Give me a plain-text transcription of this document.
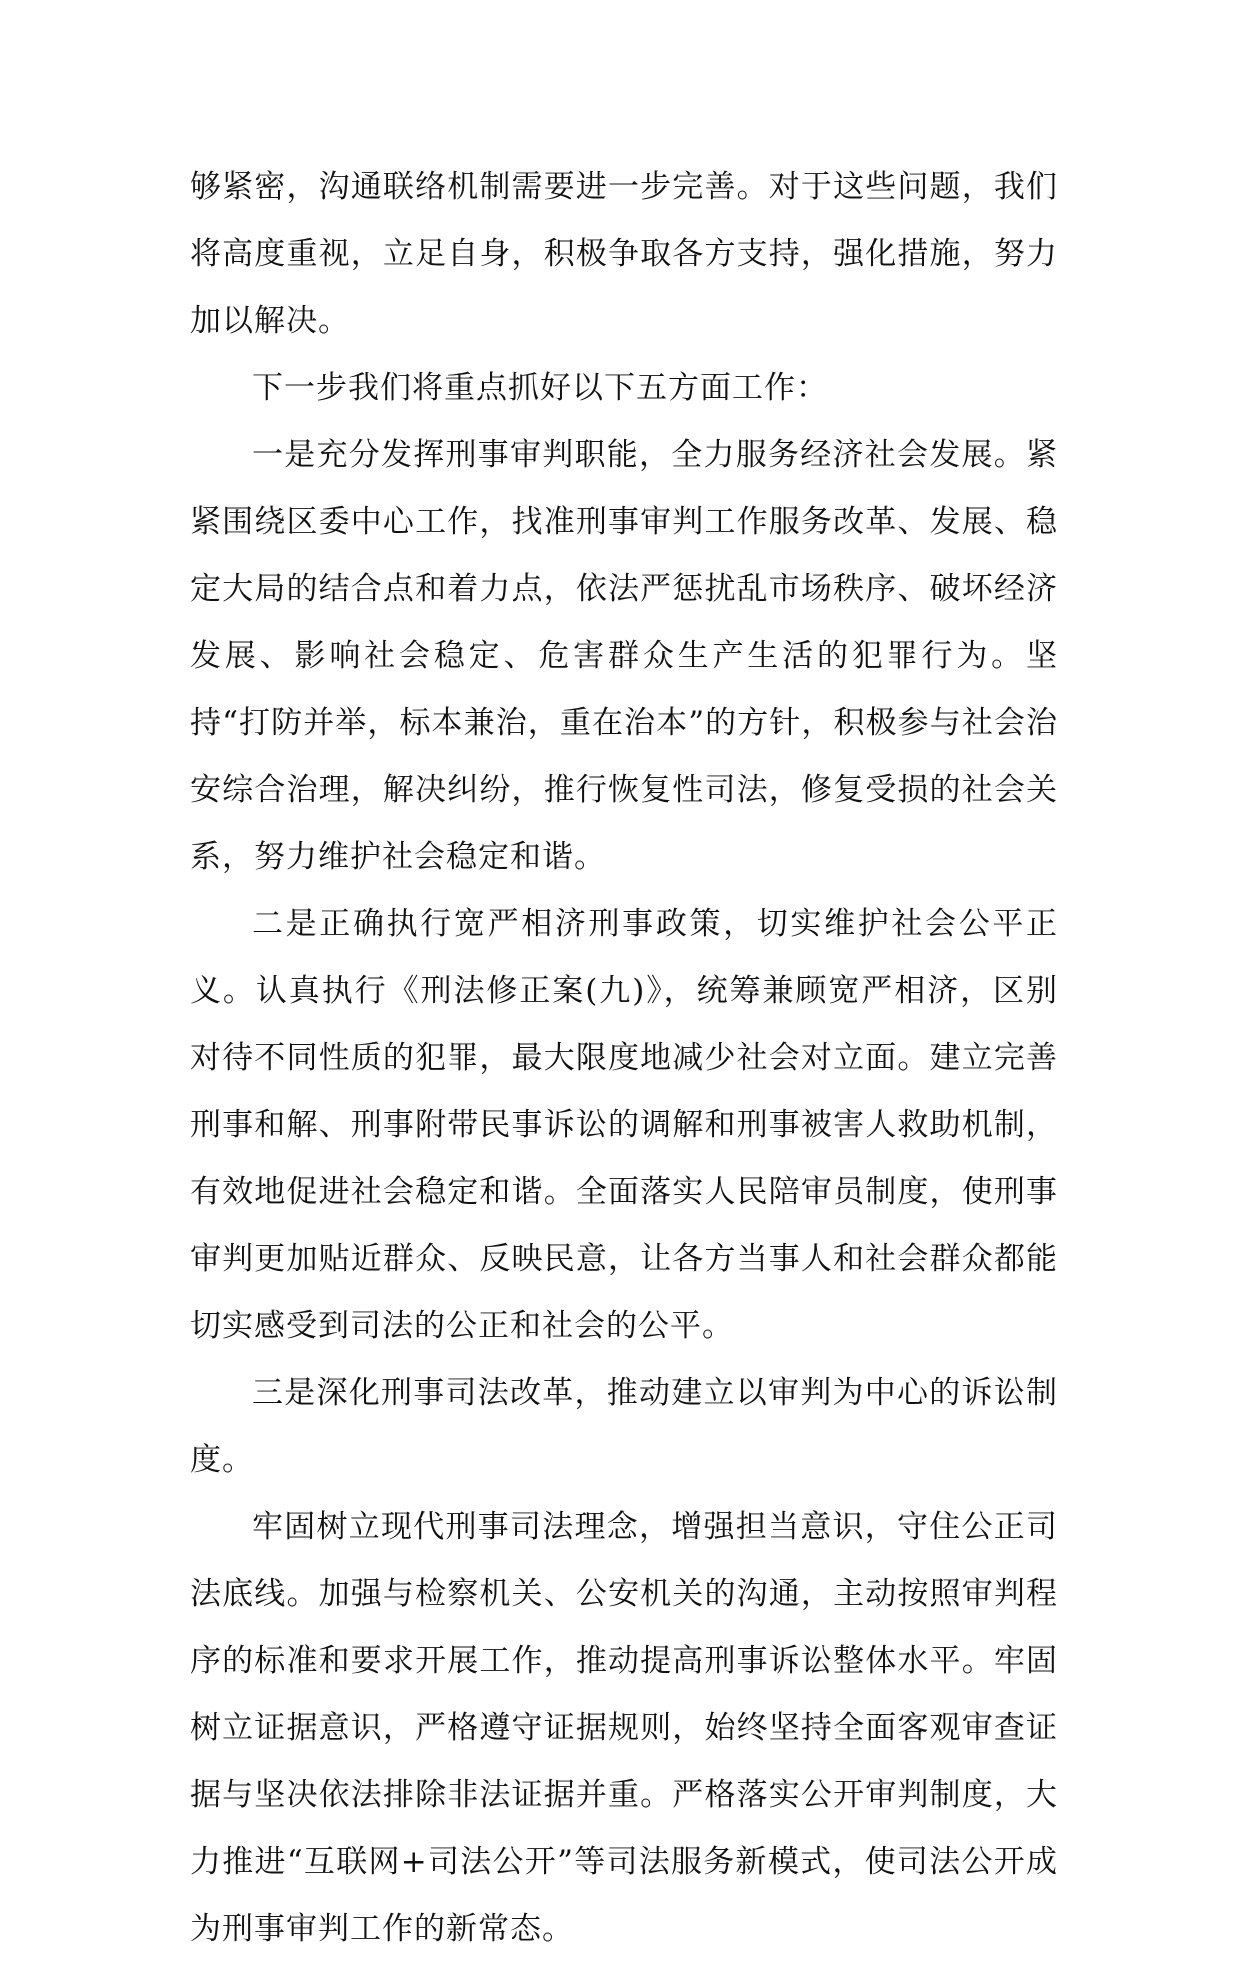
够紧密，沟通联络机制需要进一步完善。对于这些问题，我们将高度重视，立足自身，积极争取各方支持，强化措施，努力加以解决。

下一步我们将重点抓好以下五方面工作：

一是充分发挥刑事审判职能，全力服务经济社会发展。紧紧围绕区委中心工作，找准刑事审判工作服务改革、发展、稳定大局的结合点和着力点，依法严惩扰乱市场秩序、破坏经济发展、影响社会稳定、危害群众生产生活的犯罪行为。坚持“打防并举，标本兼治，重在治本”的方针，积极参与社会治安综合治理，解决纠纷，推行恢复性司法，修复受损的社会关系，努力维护社会稳定和谐。

二是正确执行宽严相济刑事政策，切实维护社会公平正义。认真执行《刑法修正案(九)》，统筹兼顾宽严相济，区别对待不同性质的犯罪，最大限度地减少社会对立面。建立完善刑事和解、刑事附带民事诉讼的调解和刑事被害人救助机制，有效地促进社会稳定和谐。全面落实人民陪审员制度，使刑事审判更加贴近群众、反映民意，让各方当事人和社会群众都能切实感受到司法的公正和社会的公平。

三是深化刑事司法改革，推动建立以审判为中心的诉讼制度。

牢固树立现代刑事司法理念，增强担当意识，守住公正司法底线。加强与检察机关、公安机关的沟通，主动按照审判程序的标准和要求开展工作，推动提高刑事诉讼整体水平。牢固树立证据意识，严格遵守证据规则，始终坚持全面客观审查证据与坚决依法排除非法证据并重。严格落实公开审判制度，大力推进“互联网+司法公开”等司法服务新模式，使司法公开成为刑事审判工作的新常态。
